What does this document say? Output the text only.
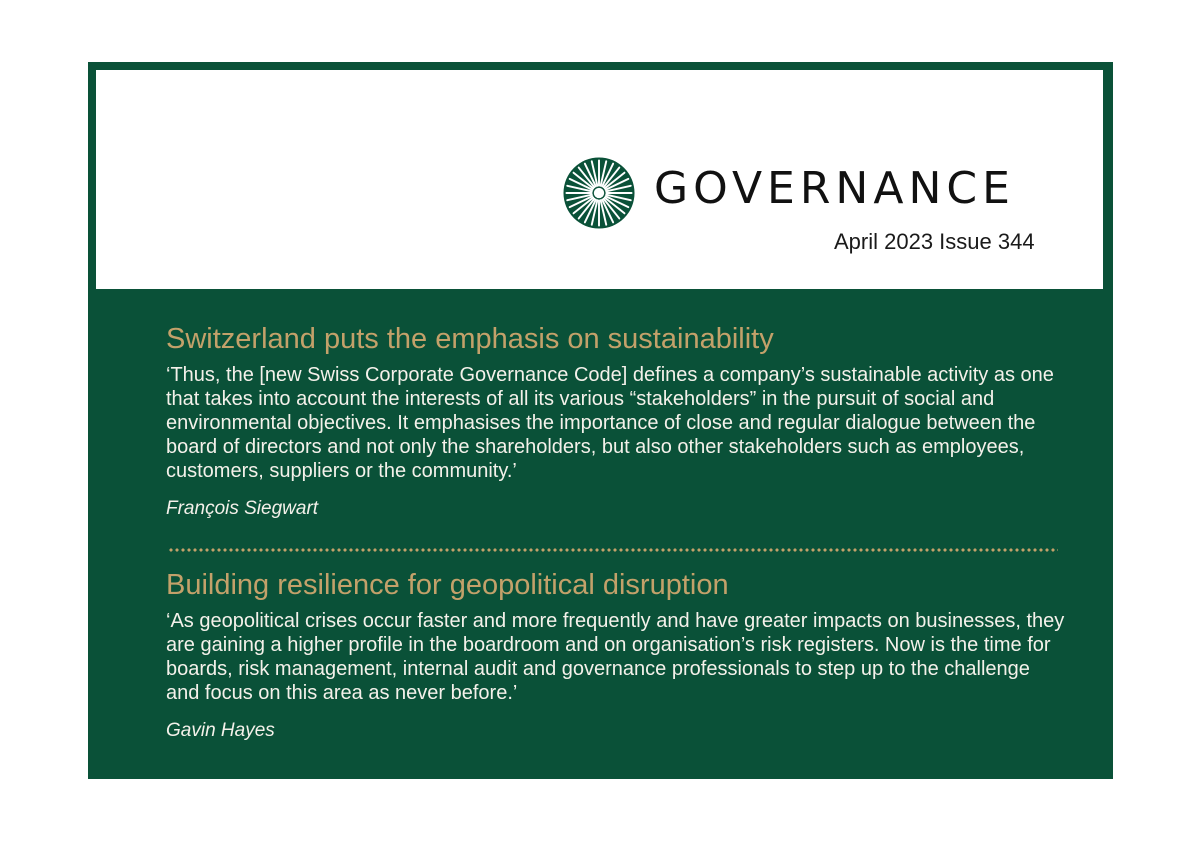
GOVERNANCE
April 2023 Issue 344
Switzerland puts the emphasis on sustainability

‘Thus, the [new Swiss Corporate Governance Code] defines a company’s sustainable activity as one that takes into account the interests of all its various “stakeholders” in the pursuit of social and environmental objectives. It emphasises the importance of close and regular dialogue between the board of directors and not only the shareholders, but also other stakeholders such as employees, customers, suppliers or the community.’

François Siegwart

Building resilience for geopolitical disruption

‘As geopolitical crises occur faster and more frequently and have greater impacts on businesses, they are gaining a higher profile in the boardroom and on organisation’s risk registers. Now is the time for boards, risk management, internal audit and governance professionals to step up to the challenge and focus on this area as never before.’

Gavin Hayes
